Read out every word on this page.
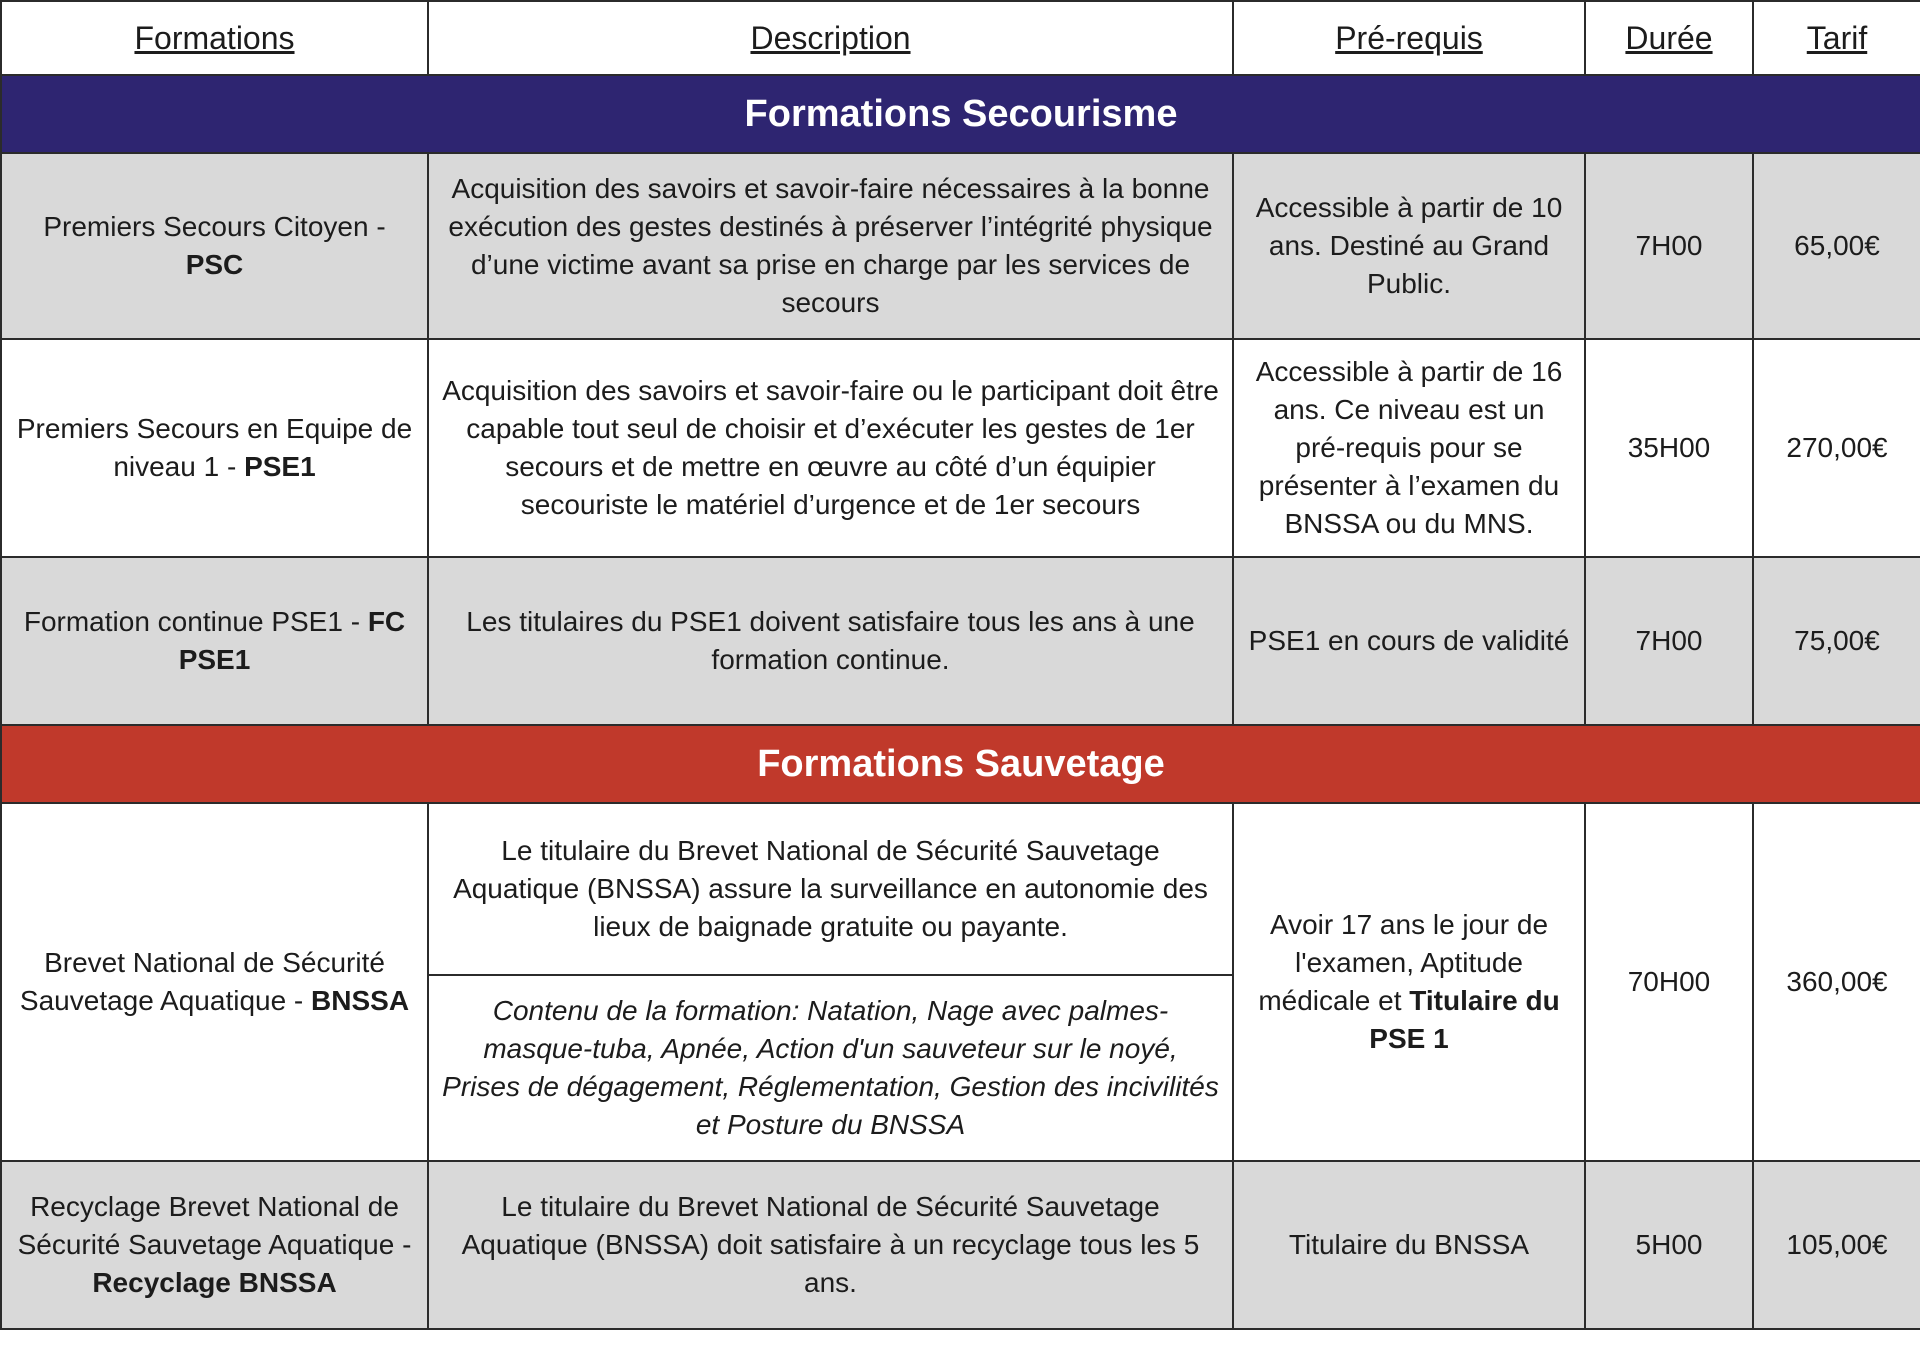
Formations	Description	Pré-requis	Durée	Tarif
Formations Secourisme				
Premiers Secours Citoyen - PSC	Acquisition des savoirs et savoir-faire nécessaires à la bonne exécution des gestes destinés à préserver l’intégrité physique d’une victime avant sa prise en charge par les services de secours	Accessible à partir de 10 ans. Destiné au Grand Public.	7H00	65,00€
Premiers Secours en Equipe de niveau 1 - PSE1	Acquisition des savoirs et savoir-faire ou le participant doit être capable tout seul de choisir et d’exécuter les gestes de 1er secours et de mettre en œuvre au côté d’un équipier secouriste le matériel d’urgence et de 1er secours	Accessible à partir de 16 ans. Ce niveau est un pré-requis pour se présenter à l’examen du BNSSA ou du MNS.	35H00	270,00€
Formation continue PSE1 - FC PSE1	Les titulaires du PSE1 doivent satisfaire tous les ans à une formation continue.	PSE1 en cours de validité	7H00	75,00€
Formations Sauvetage				
Brevet National de Sécurité Sauvetage Aquatique - BNSSA	Le titulaire du Brevet National de Sécurité Sauvetage Aquatique (BNSSA) assure la surveillance en autonomie des lieux de baignade gratuite ou payante.	Avoir 17 ans le jour de l'examen, Aptitude médicale et Titulaire du PSE 1	70H00	360,00€
	Contenu de la formation: Natation, Nage avec palmes-masque-tuba, Apnée, Action d'un sauveteur sur le noyé, Prises de dégagement, Réglementation, Gestion des incivilités et Posture du BNSSA			
Recyclage Brevet National de Sécurité Sauvetage Aquatique - Recyclage BNSSA	Le titulaire du Brevet National de Sécurité Sauvetage Aquatique (BNSSA) doit satisfaire à un recyclage tous les 5 ans.	Titulaire du BNSSA	5H00	105,00€
